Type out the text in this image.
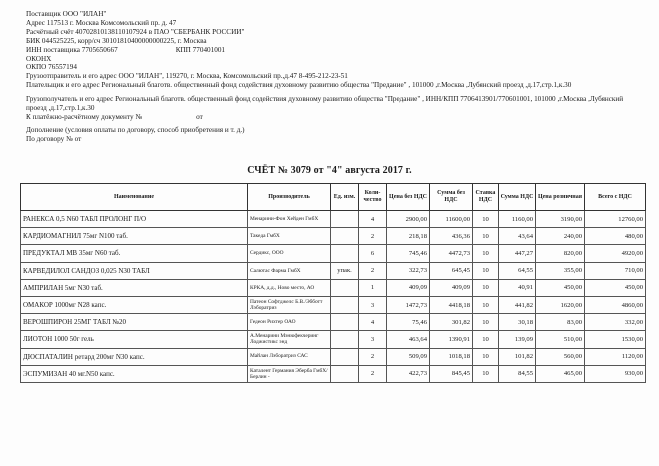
Поставщик ООО "ИЛАН"
Адрес 117513 г. Москва Комсомольский пр. д. 47
Расчётный счёт 40702810138110107924 в ПАО "СБЕРБАНК РОССИИ"
БИК 044525225, корр/сч 30101810400000000225, г. Москва
ИНН поставщика 7705650667	КПП 770401001
ОКОНХ
ОКПО 76557194
Грузоотправитель и его адрес ООО "ИЛАН", 119270, г. Москва, Комсомольский пр.,д.47 8-495-212-23-51
Плательщик и его адрес Региональный благотв. общественный фонд содействия духовному развитию общества "Предание" , 101000 ,г.Москва ,Лубянский проезд ,д.17,стр.1,к.30
Грузополучатель и его адрес Региональный благотв. общественный фонд содействия духовному развитию общества "Предание" , ИНН/КПП 7706413901/770601001, 101000 ,г.Москва ,Лубянский проезд ,д.17,стр.1,к.30
К платёжно-расчётному документу №                              от
Дополнение (условия оплаты по договору, способ приобретения и т. д.)
По договору № от
СЧЁТ № 3079 от "4" августа 2017 г.
Наименование	Производитель	Ед. изм.	Коли-чество	Цена без НДС	Сумма без НДС	Ставка НДС	Сумма НДС	Цена розничная	Всего с НДС
РАНЕКСА 0,5 N60 ТАБЛ ПРОЛОНГ П/О	Менарини-Фон Хейден ГмбХ		4	2900,00	11600,00	10	1160,00	3190,00	12760,00
КАРДИОМАГНИЛ 75мг N100 таб.	Такеда ГмбХ		2	218,18	436,36	10	43,64	240,00	480,00
ПРЕДУКТАЛ МВ 35мг N60 таб.	Сердикс, ООО		6	745,46	4472,73	10	447,27	820,00	4920,00
КАРВЕДИЛОЛ САНДОЗ 0,025 N30 ТАБЛ	Салютас Фарма ГмбХ	упак.	2	322,73	645,45	10	64,55	355,00	710,00
АМПРИЛАН 5мг N30 таб.	КРКА, д.д., Ново место, АО		1	409,09	409,09	10	40,91	450,00	450,00
ОМАКОР 1000мг N28 капс.	Патеон Софтджелс Б.В./Эбботт Лэборатриз		3	1472,73	4418,18	10	441,82	1620,00	4860,00
ВЕРОШПИРОН 25МГ ТАБЛ №20	Гедеон Рихтер ОАО		4	75,46	301,82	10	30,18	83,00	332,00
ЛИОТОН 1000 50г гель	А.Менарини Мэнюфекчеринг Лоджистикс энд		3	463,64	1390,91	10	139,09	510,00	1530,00
ДЮСПАТАЛИН ретард 200мг N30 капс.	Майлан Лэборатриз САС		2	509,09	1018,18	10	101,82	560,00	1120,00
ЭСПУМИЗАН 40 мг.N50 капс.	Каталент Германия Эберба ГмбХ/ Берлин -		2	422,73	845,45	10	84,55	465,00	930,00
